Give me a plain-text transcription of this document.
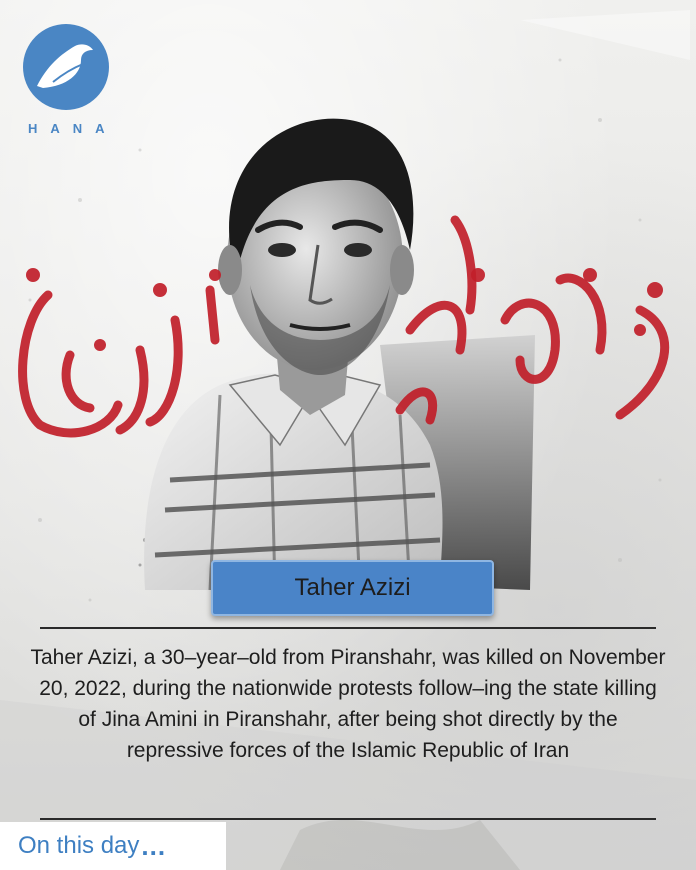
HANA
Taher Azizi
Taher Azizi, a 30–year–old from Piranshahr, was killed on November 20, 2022, during the nationwide protests follow–ing the state killing of Jina Amini in Piranshahr, after being shot directly by the repressive forces of the Islamic Republic of Iran
On this day ...
